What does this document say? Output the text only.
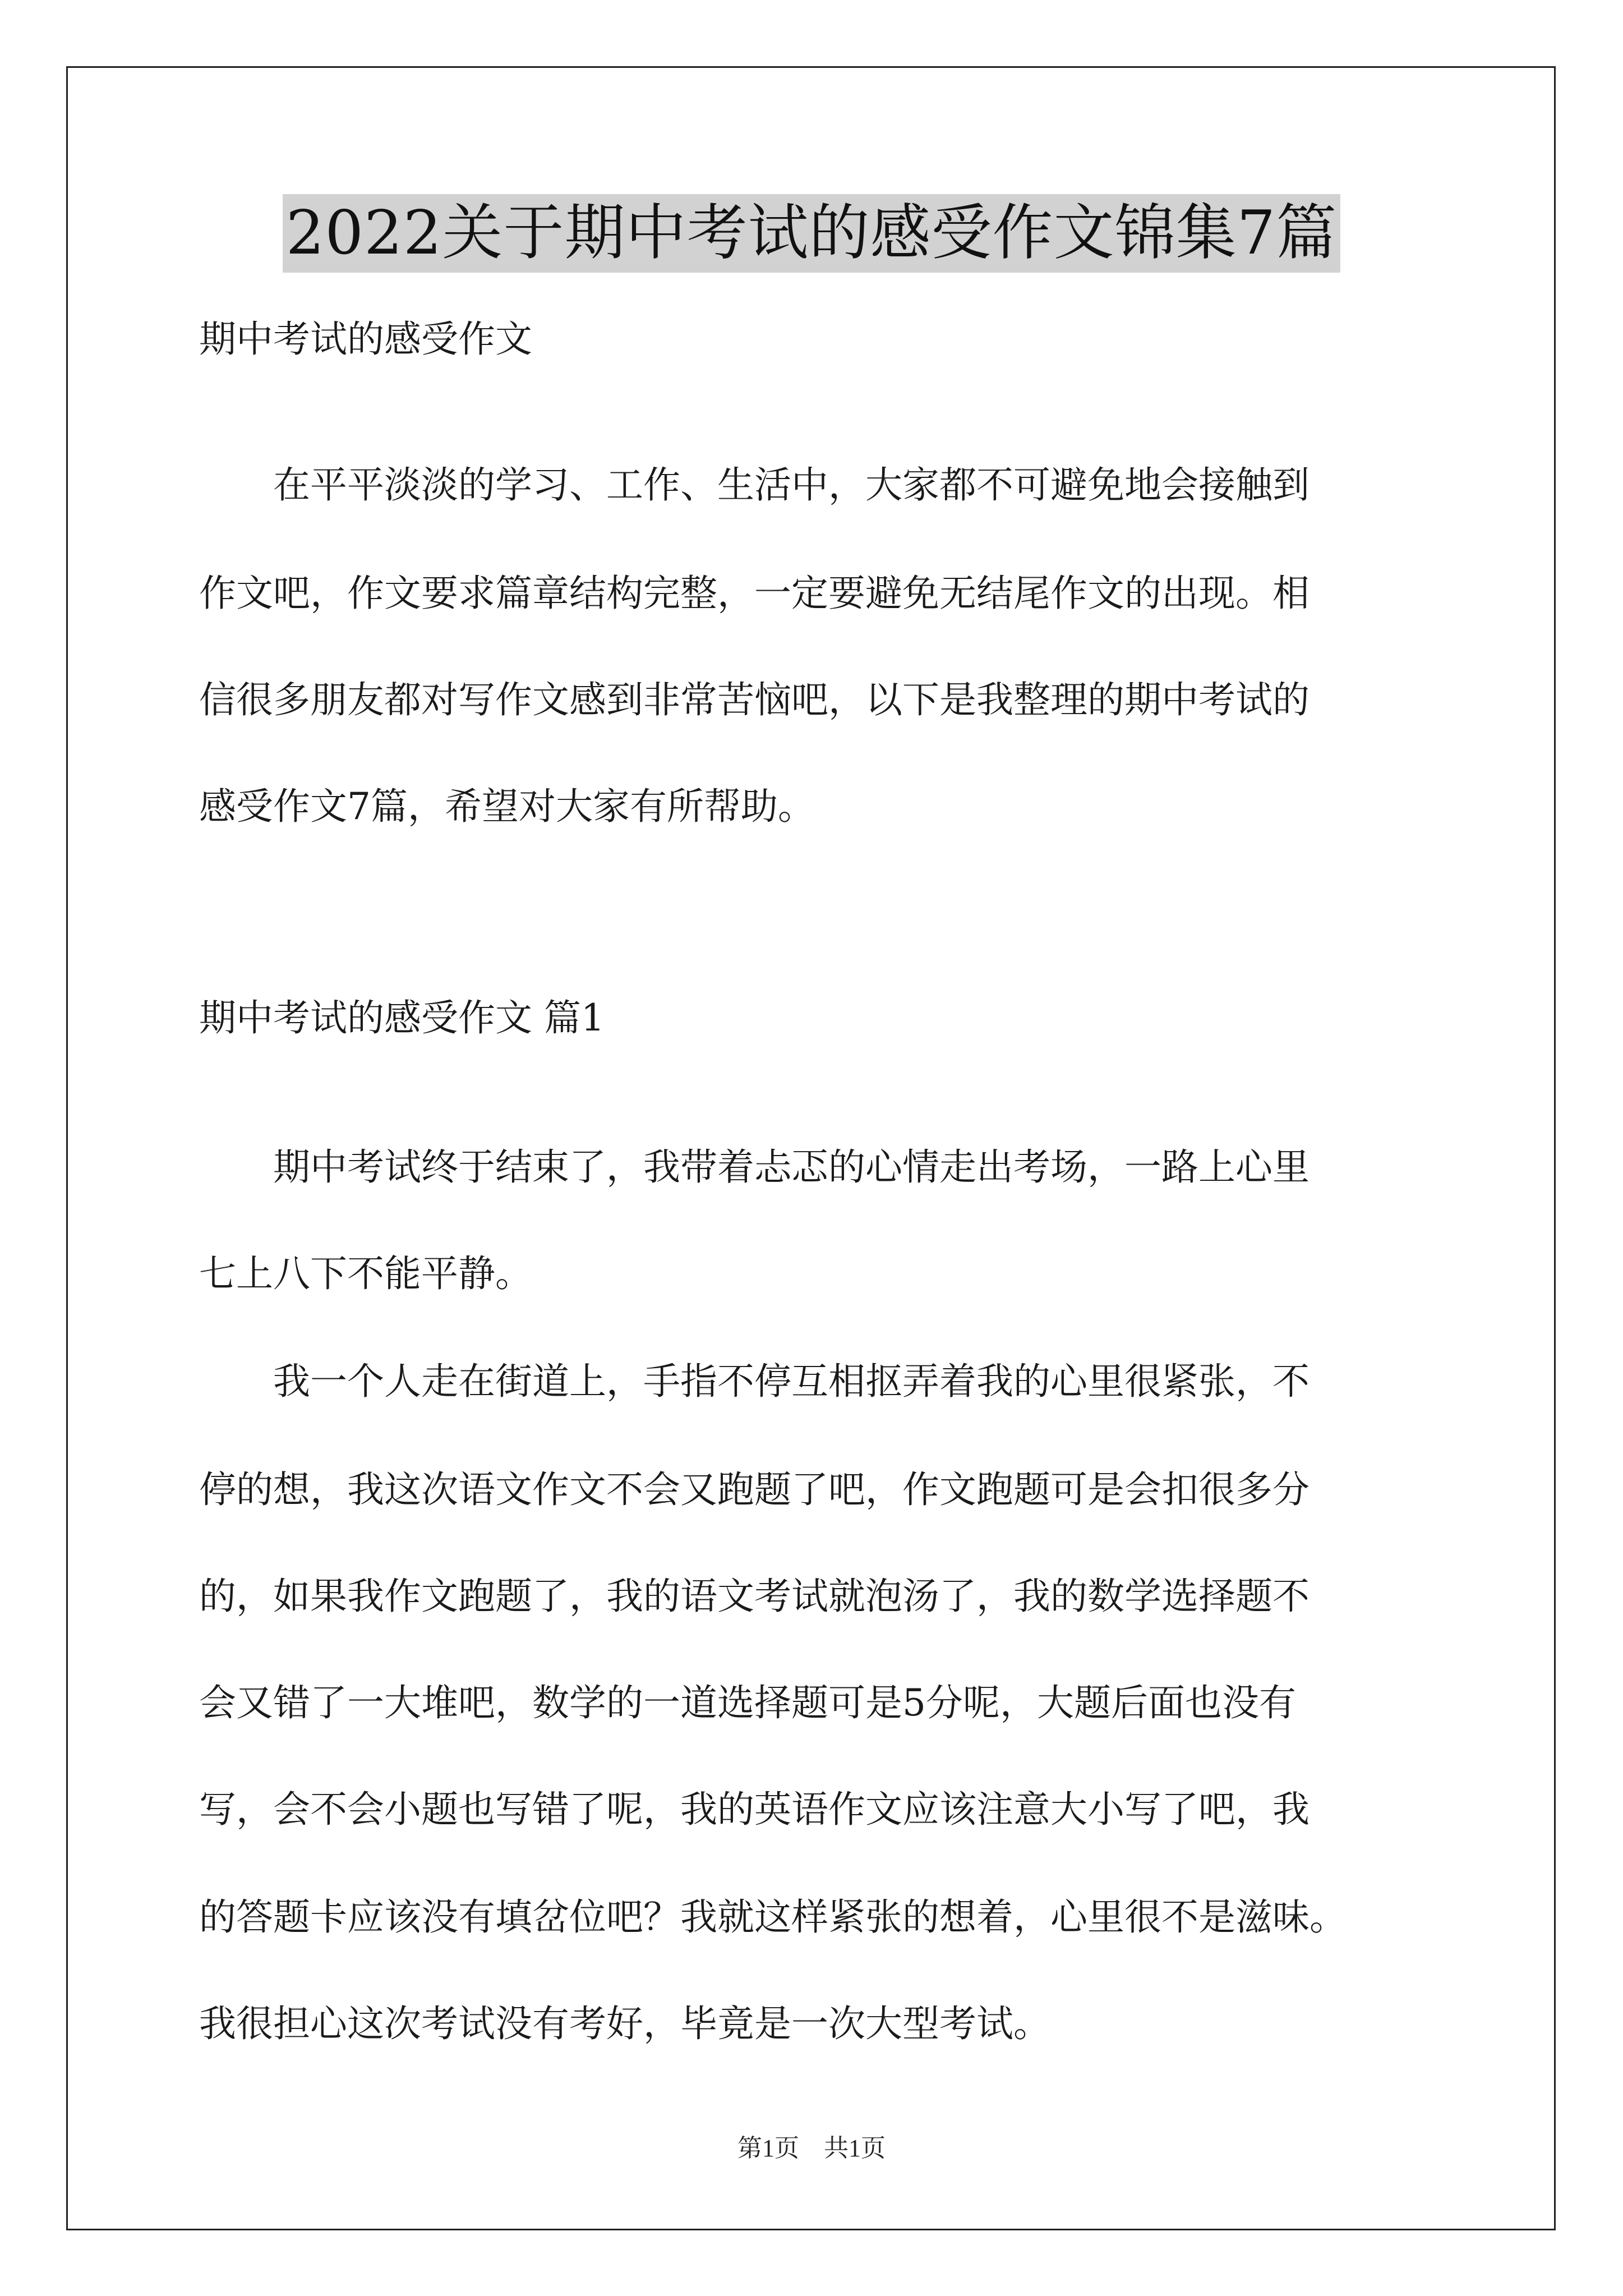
2022关于期中考试的感受作文锦集7篇
期中考试的感受作文
　　在平平淡淡的学习、工作、生活中，大家都不可避免地会接触到
作文吧，作文要求篇章结构完整，一定要避免无结尾作文的出现。相
信很多朋友都对写作文感到非常苦恼吧，以下是我整理的期中考试的
感受作文7篇，希望对大家有所帮助。
期中考试的感受作文 篇1
　　期中考试终于结束了，我带着忐忑的心情走出考场，一路上心里
七上八下不能平静。
　　我一个人走在街道上，手指不停互相抠弄着我的心里很紧张，不
停的想，我这次语文作文不会又跑题了吧，作文跑题可是会扣很多分
的，如果我作文跑题了，我的语文考试就泡汤了，我的数学选择题不
会又错了一大堆吧，数学的一道选择题可是5分呢，大题后面也没有
写，会不会小题也写错了呢，我的英语作文应该注意大小写了吧，我
的答题卡应该没有填岔位吧？我就这样紧张的想着，心里很不是滋味。
我很担心这次考试没有考好，毕竟是一次大型考试。
第1页　共1页
